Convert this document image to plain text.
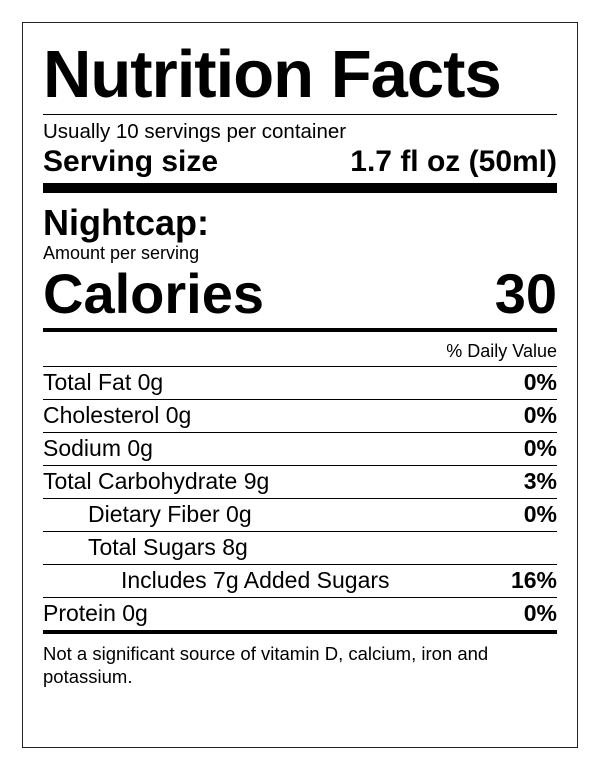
Nutrition Facts
Usually 10 servings per container
Serving size	1.7 fl oz (50ml)
Nightcap:
Amount per serving
Calories	30
% Daily Value
Total Fat 0g	0%
Cholesterol 0g	0%
Sodium 0g	0%
Total Carbohydrate 9g	3%
Dietary Fiber 0g	0%
Total Sugars 8g
Includes 7g Added Sugars	16%
Protein 0g	0%
Not a significant source of vitamin D, calcium, iron and potassium.
